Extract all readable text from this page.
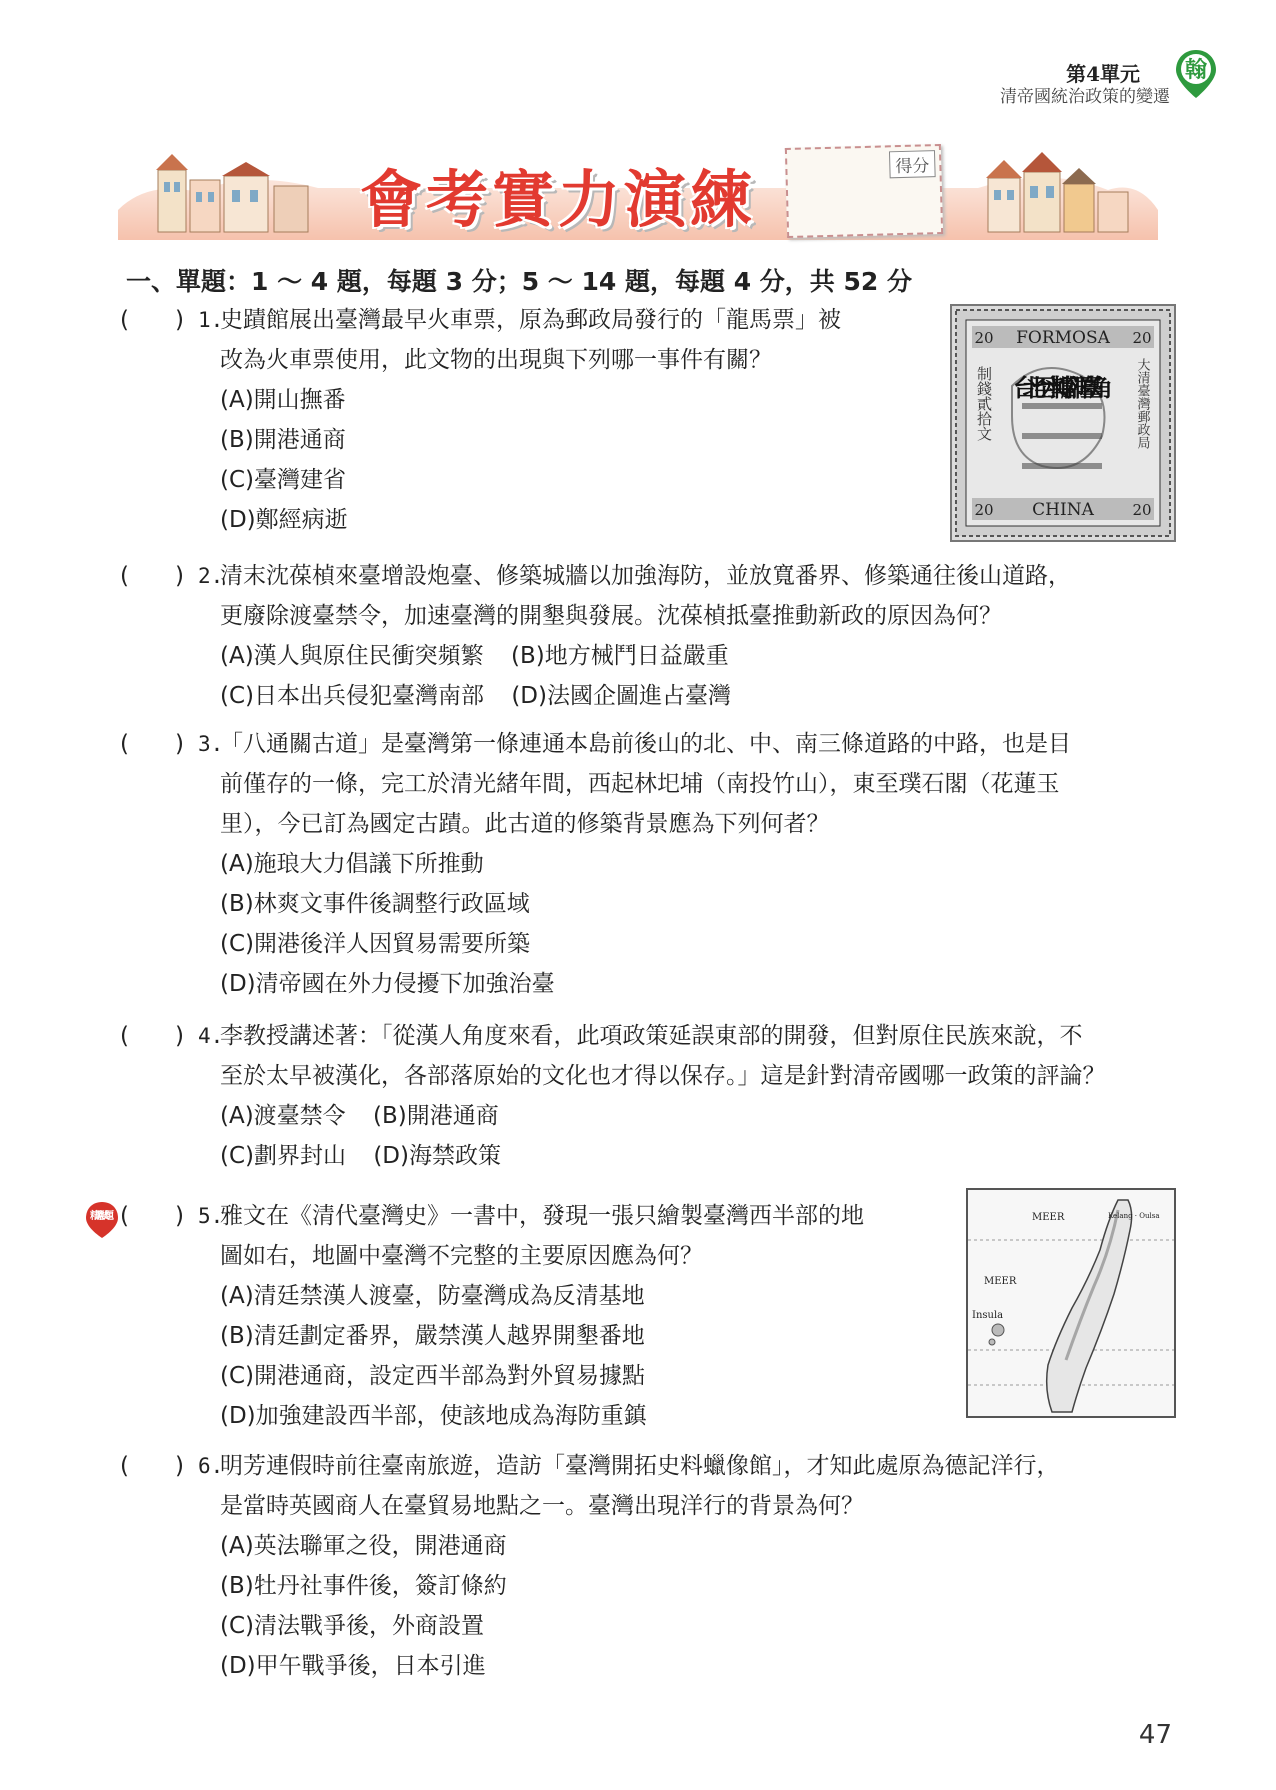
第4單元
清帝國統治政策的變遷
翰
會考實力演練	得分
一、單題：1 ～ 4 題，每題 3 分；5 ～ 14 題，每題 4 分，共 52 分
(　　) 1.
史蹟館展出臺灣最早火車票，原為郵政局發行的「龍馬票」被
改為火車票使用，此文物的出現與下列哪一事件有關？
(A)開山撫番
(B)開港通商
(C)臺灣建省
(D)鄭經病逝
FORMOSA
20	20
CHINA
20	20
制錢貳拾文	大清臺灣郵政局
台北至水轉腳洋臺角
(　　) 2.
清末沈葆楨來臺增設炮臺、修築城牆以加強海防，並放寬番界、修築通往後山道路，
更廢除渡臺禁令，加速臺灣的開墾與發展。沈葆楨抵臺推動新政的原因為何？
(A)漢人與原住民衝突頻繁 (B)地方械鬥日益嚴重
(C)日本出兵侵犯臺灣南部 (D)法國企圖進占臺灣
(　　) 3.
「八通關古道」是臺灣第一條連通本島前後山的北、中、南三條道路的中路，也是目
前僅存的一條，完工於清光緒年間，西起林圯埔（南投竹山），東至璞石閣（花蓮玉
里），今已訂為國定古蹟。此古道的修築背景應為下列何者？
(A)施琅大力倡議下所推動
(B)林爽文事件後調整行政區域
(C)開港後洋人因貿易需要所築
(D)清帝國在外力侵擾下加強治臺
(　　) 4.
李教授講述著：「從漢人角度來看，此項政策延誤東部的開發，但對原住民族來說，不
至於太早被漢化，各部落原始的文化也才得以保存。」這是針對清帝國哪一政策的評論？
(A)渡臺禁令 (B)開港通商
(C)劃界封山 (D)海禁政策
精選試題 (　　) 5.
雅文在《清代臺灣史》一書中，發現一張只繪製臺灣西半部的地
圖如右，地圖中臺灣不完整的主要原因應為何？
(A)清廷禁漢人渡臺，防臺灣成為反清基地
(B)清廷劃定番界，嚴禁漢人越界開墾番地
(C)開港通商，設定西半部為對外貿易據點
(D)加強建設西半部，使該地成為海防重鎮
MEER
MEER
Insula
Kelang · Oulsa
(　　) 6.
明芳連假時前往臺南旅遊，造訪「臺灣開拓史料蠟像館」，才知此處原為德記洋行，
是當時英國商人在臺貿易地點之一。臺灣出現洋行的背景為何？
(A)英法聯軍之役，開港通商
(B)牡丹社事件後，簽訂條約
(C)清法戰爭後，外商設置
(D)甲午戰爭後，日本引進
47
